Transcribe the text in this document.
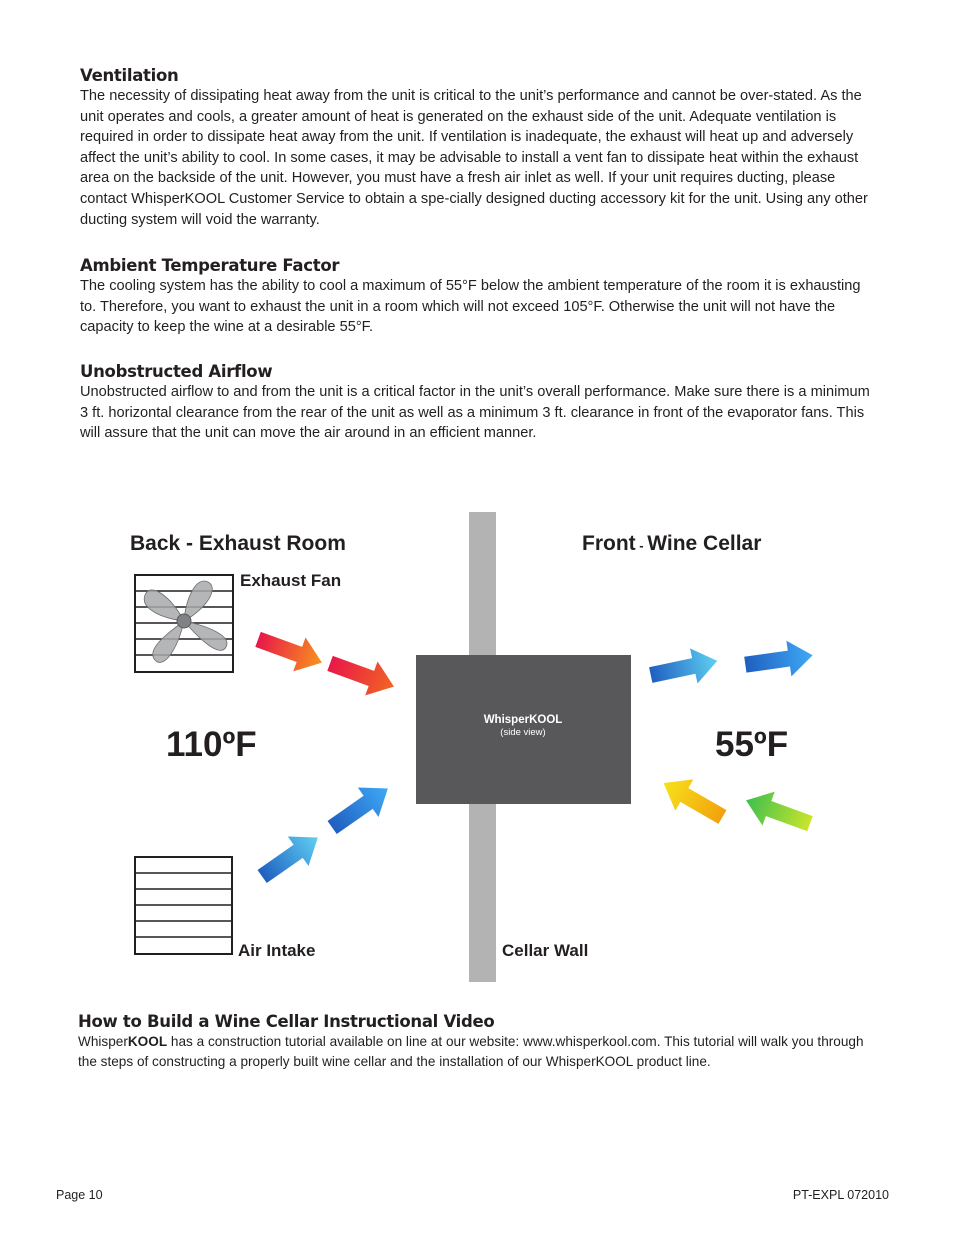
Ventilation

The necessity of dissipating heat away from the unit is critical to the unit’s performance and cannot be over-stated. As the unit operates and cools, a greater amount of heat is generated on the exhaust side of the unit. Adequate ventilation is required in order to dissipate heat away from the unit. If ventilation is inadequate, the exhaust will heat up and adversely affect the unit’s ability to cool. In some cases, it may be advisable to install a vent fan to dissipate heat within the exhaust area on the backside of the unit. However, you must have a fresh air inlet as well. If your unit requires ducting, please contact WhisperKOOL Customer Service to obtain a spe-cially designed ducting accessory kit for the unit. Using any other ducting system will void the warranty.

Ambient Temperature Factor

The cooling system has the ability to cool a maximum of 55°F below the ambient temperature of the room it is exhausting to. Therefore, you want to exhaust the unit in a room which will not exceed 105°F. Otherwise the unit will not have the capacity to keep the wine at a desirable 55°F.

Unobstructed Airflow

Unobstructed airflow to and from the unit is a critical factor in the unit’s overall performance. Make sure there is a minimum 3 ft. horizontal clearance from the rear of the unit as well as a minimum 3 ft. clearance in front of the evaporator fans. This will assure that the unit can move the air around in an efficient manner.

WhisperKOOL
(side view)
Back - Exhaust Room	Front - Wine Cellar
Exhaust Fan
Air Intake	Cellar Wall
110ºF	55ºF
How to Build a Wine Cellar Instructional Video

WhisperKOOL has a construction tutorial available on line at our website: www.whisperkool.com. This tutorial will walk you through the steps of constructing a properly built wine cellar and the installation of our WhisperKOOL product line.

Page 10	PT-EXPL 072010
